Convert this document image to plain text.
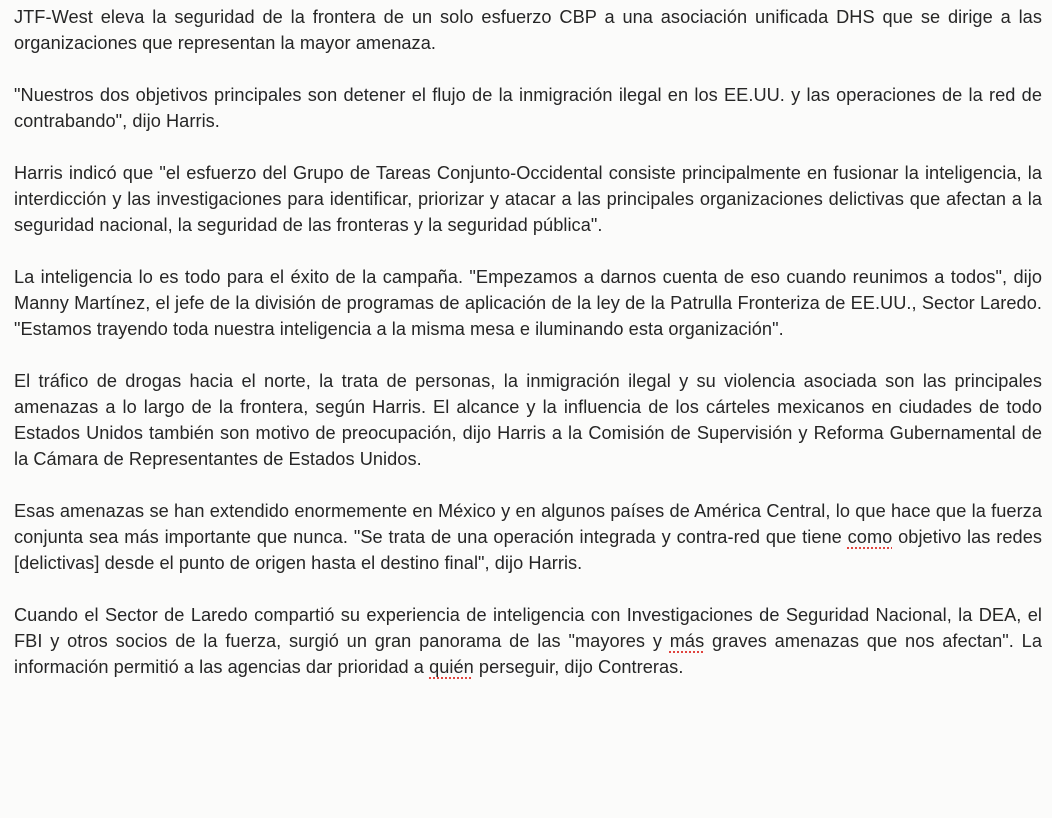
JTF-West eleva la seguridad de la frontera de un solo esfuerzo CBP a una asociación unificada DHS que se dirige a las organizaciones que representan la mayor amenaza.

"Nuestros dos objetivos principales son detener el flujo de la inmigración ilegal en los EE.UU. y las operaciones de la red de contrabando", dijo Harris.

Harris indicó que "el esfuerzo del Grupo de Tareas Conjunto-Occidental consiste principalmente en fusionar la inteligencia, la interdicción y las investigaciones para identificar, priorizar y atacar a las principales organizaciones delictivas que afectan a la seguridad nacional, la seguridad de las fronteras y la seguridad pública".

La inteligencia lo es todo para el éxito de la campaña. "Empezamos a darnos cuenta de eso cuando reunimos a todos", dijo Manny Martínez, el jefe de la división de programas de aplicación de la ley de la Patrulla Fronteriza de EE.UU., Sector Laredo. "Estamos trayendo toda nuestra inteligencia a la misma mesa e iluminando esta organización".

El tráfico de drogas hacia el norte, la trata de personas, la inmigración ilegal y su violencia asociada son las principales amenazas a lo largo de la frontera, según Harris. El alcance y la influencia de los cárteles mexicanos en ciudades de todo Estados Unidos también son motivo de preocupación, dijo Harris a la Comisión de Supervisión y Reforma Gubernamental de la Cámara de Representantes de Estados Unidos.

Esas amenazas se han extendido enormemente en México y en algunos países de América Central, lo que hace que la fuerza conjunta sea más importante que nunca. "Se trata de una operación integrada y contra-red que tiene como objetivo las redes [delictivas] desde el punto de origen hasta el destino final", dijo Harris.

Cuando el Sector de Laredo compartió su experiencia de inteligencia con Investigaciones de Seguridad Nacional, la DEA, el FBI y otros socios de la fuerza, surgió un gran panorama de las "mayores y más graves amenazas que nos afectan". La información permitió a las agencias dar prioridad a quién perseguir, dijo Contreras.
